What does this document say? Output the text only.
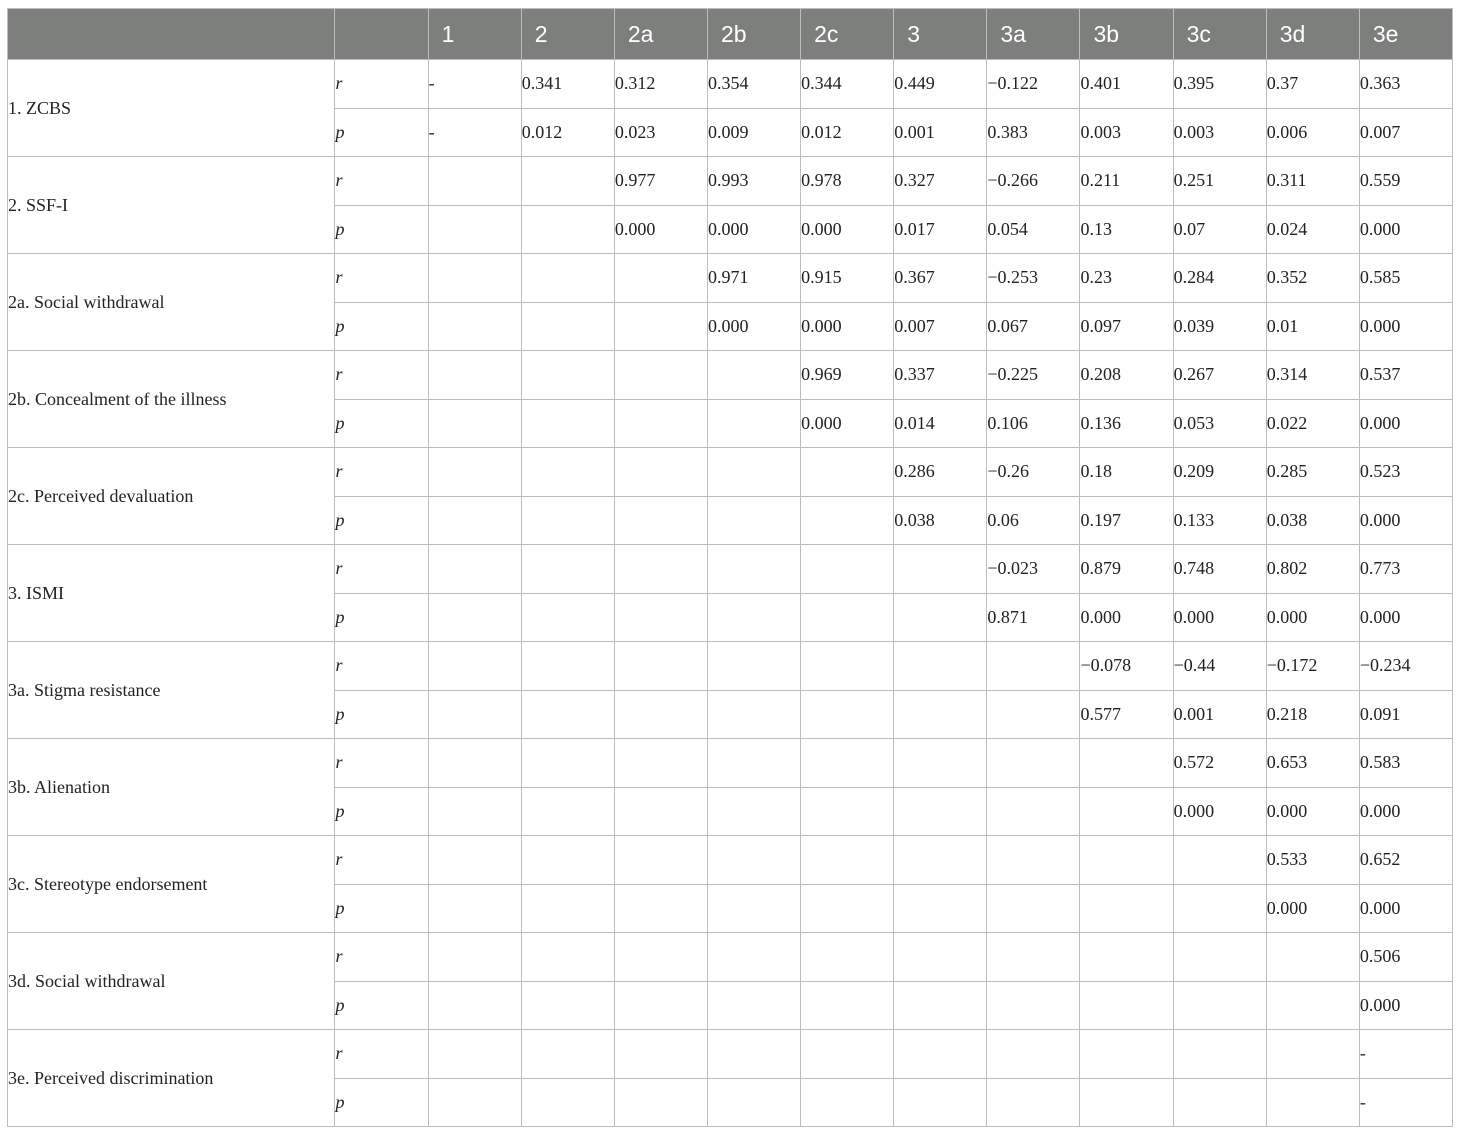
		1	2	2a	2b	2c	3	3a	3b	3c	3d	3e
1. ZCBS	r	-	0.341	0.312	0.354	0.344	0.449	−0.122	0.401	0.395	0.37	0.363
	p	-	0.012	0.023	0.009	0.012	0.001	0.383	0.003	0.003	0.006	0.007
2. SSF-I	r			0.977	0.993	0.978	0.327	−0.266	0.211	0.251	0.311	0.559
	p			0.000	0.000	0.000	0.017	0.054	0.13	0.07	0.024	0.000
2a. Social withdrawal	r				0.971	0.915	0.367	−0.253	0.23	0.284	0.352	0.585
	p				0.000	0.000	0.007	0.067	0.097	0.039	0.01	0.000
2b. Concealment of the illness	r					0.969	0.337	−0.225	0.208	0.267	0.314	0.537
	p					0.000	0.014	0.106	0.136	0.053	0.022	0.000
2c. Perceived devaluation	r						0.286	−0.26	0.18	0.209	0.285	0.523
	p						0.038	0.06	0.197	0.133	0.038	0.000
3. ISMI	r							−0.023	0.879	0.748	0.802	0.773
	p							0.871	0.000	0.000	0.000	0.000
3a. Stigma resistance	r								−0.078	−0.44	−0.172	−0.234
	p								0.577	0.001	0.218	0.091
3b. Alienation	r									0.572	0.653	0.583
	p									0.000	0.000	0.000
3c. Stereotype endorsement	r										0.533	0.652
	p										0.000	0.000
3d. Social withdrawal	r											0.506
	p											0.000
3e. Perceived discrimination	r											-
	p											-
